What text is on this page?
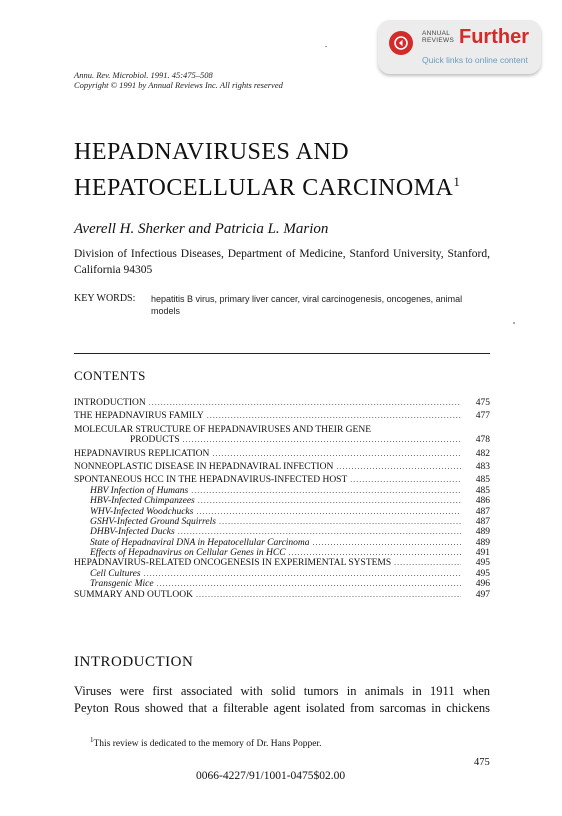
ANNUAL
REVIEWS Further
Quick links to online content
Annu. Rev. Microbiol. 1991. 45:475–508
Copyright © 1991 by Annual Reviews Inc. All rights reserved
HEPADNAVIRUSES AND
HEPATOCELLULAR CARCINOMA$^1$
Averell H. Sherker and Patricia L. Marion
Division of Infectious Diseases, Department of Medicine, Stanford University, Stanford, California 94305
KEY WORDS: hepatitis B virus, primary liver cancer, viral carcinogenesis, oncogenes, animal models
CONTENTS
INTRODUCTION .....	475
THE HEPADNAVIRUS FAMILY .....	477
MOLECULAR STRUCTURE OF HEPADNAVIRUSES AND THEIR GENE
PRODUCTS .....	478
HEPADNAVIRUS REPLICATION .....	482
NONNEOPLASTIC DISEASE IN HEPADNAVIRAL INFECTION .....	483
SPONTANEOUS HCC IN THE HEPADNAVIRUS-INFECTED HOST .....	485
HBV Infection of Humans .....	485
HBV-Infected Chimpanzees .....	486
WHV-Infected Woodchucks .....	487
GSHV-Infected Ground Squirrels .....	487
DHBV-Infected Ducks .....	489
State of Hepadnaviral DNA in Hepatocellular Carcinoma .....	489
Effects of Hepadnavirus on Cellular Genes in HCC .....	491
HEPADNAVIRUS-RELATED ONCOGENESIS IN EXPERIMENTAL SYSTEMS .....	495
Cell Cultures .....	495
Transgenic Mice .....	496
SUMMARY AND OUTLOOK .....	497
INTRODUCTION

Viruses were first associated with solid tumors in animals in 1911 when
Peyton Rous showed that a filterable agent isolated from sarcomas in chickens

$^1$This review is dedicated to the memory of Dr. Hans Popper.
475
0066-4227/91/1001-0475$02.00
